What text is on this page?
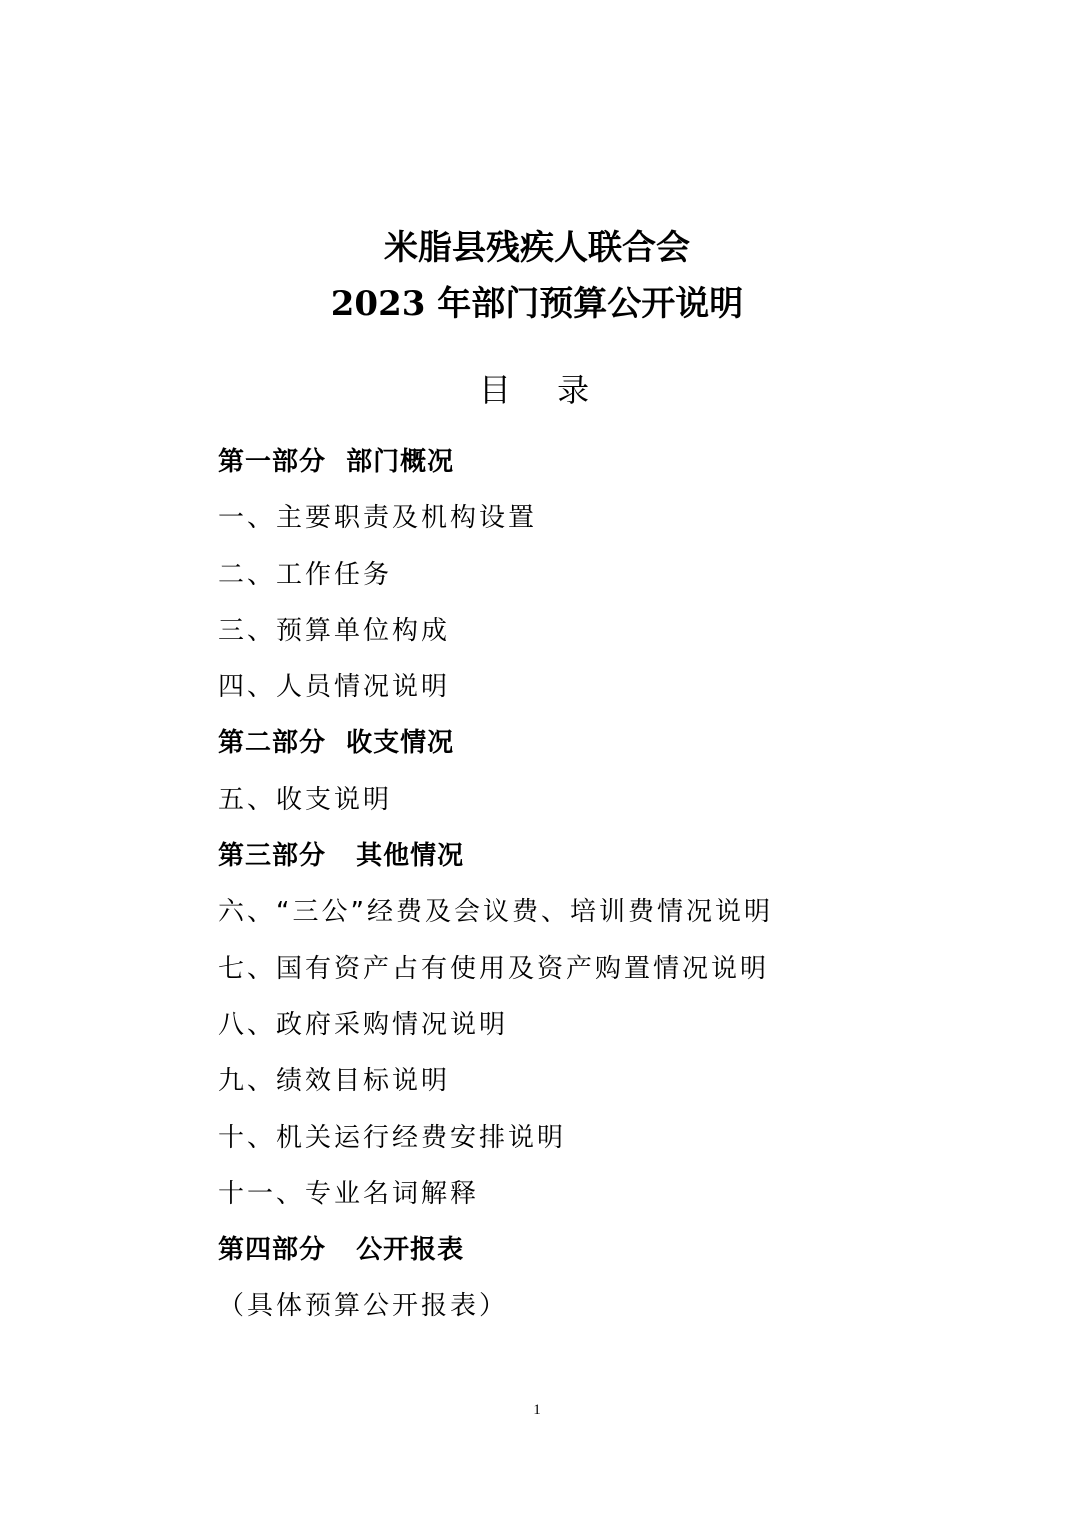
米脂县残疾人联合会
2023 年部门预算公开说明
目 录
第一部分  部门概况
一、主要职责及机构设置
二、工作任务
三、预算单位构成
四、人员情况说明
第二部分  收支情况
五、收支说明
第三部分   其他情况
六、“三公”经费及会议费、培训费情况说明
七、国有资产占有使用及资产购置情况说明
八、政府采购情况说明
九、绩效目标说明
十、机关运行经费安排说明
十一、专业名词解释
第四部分   公开报表
（具体预算公开报表）
1
